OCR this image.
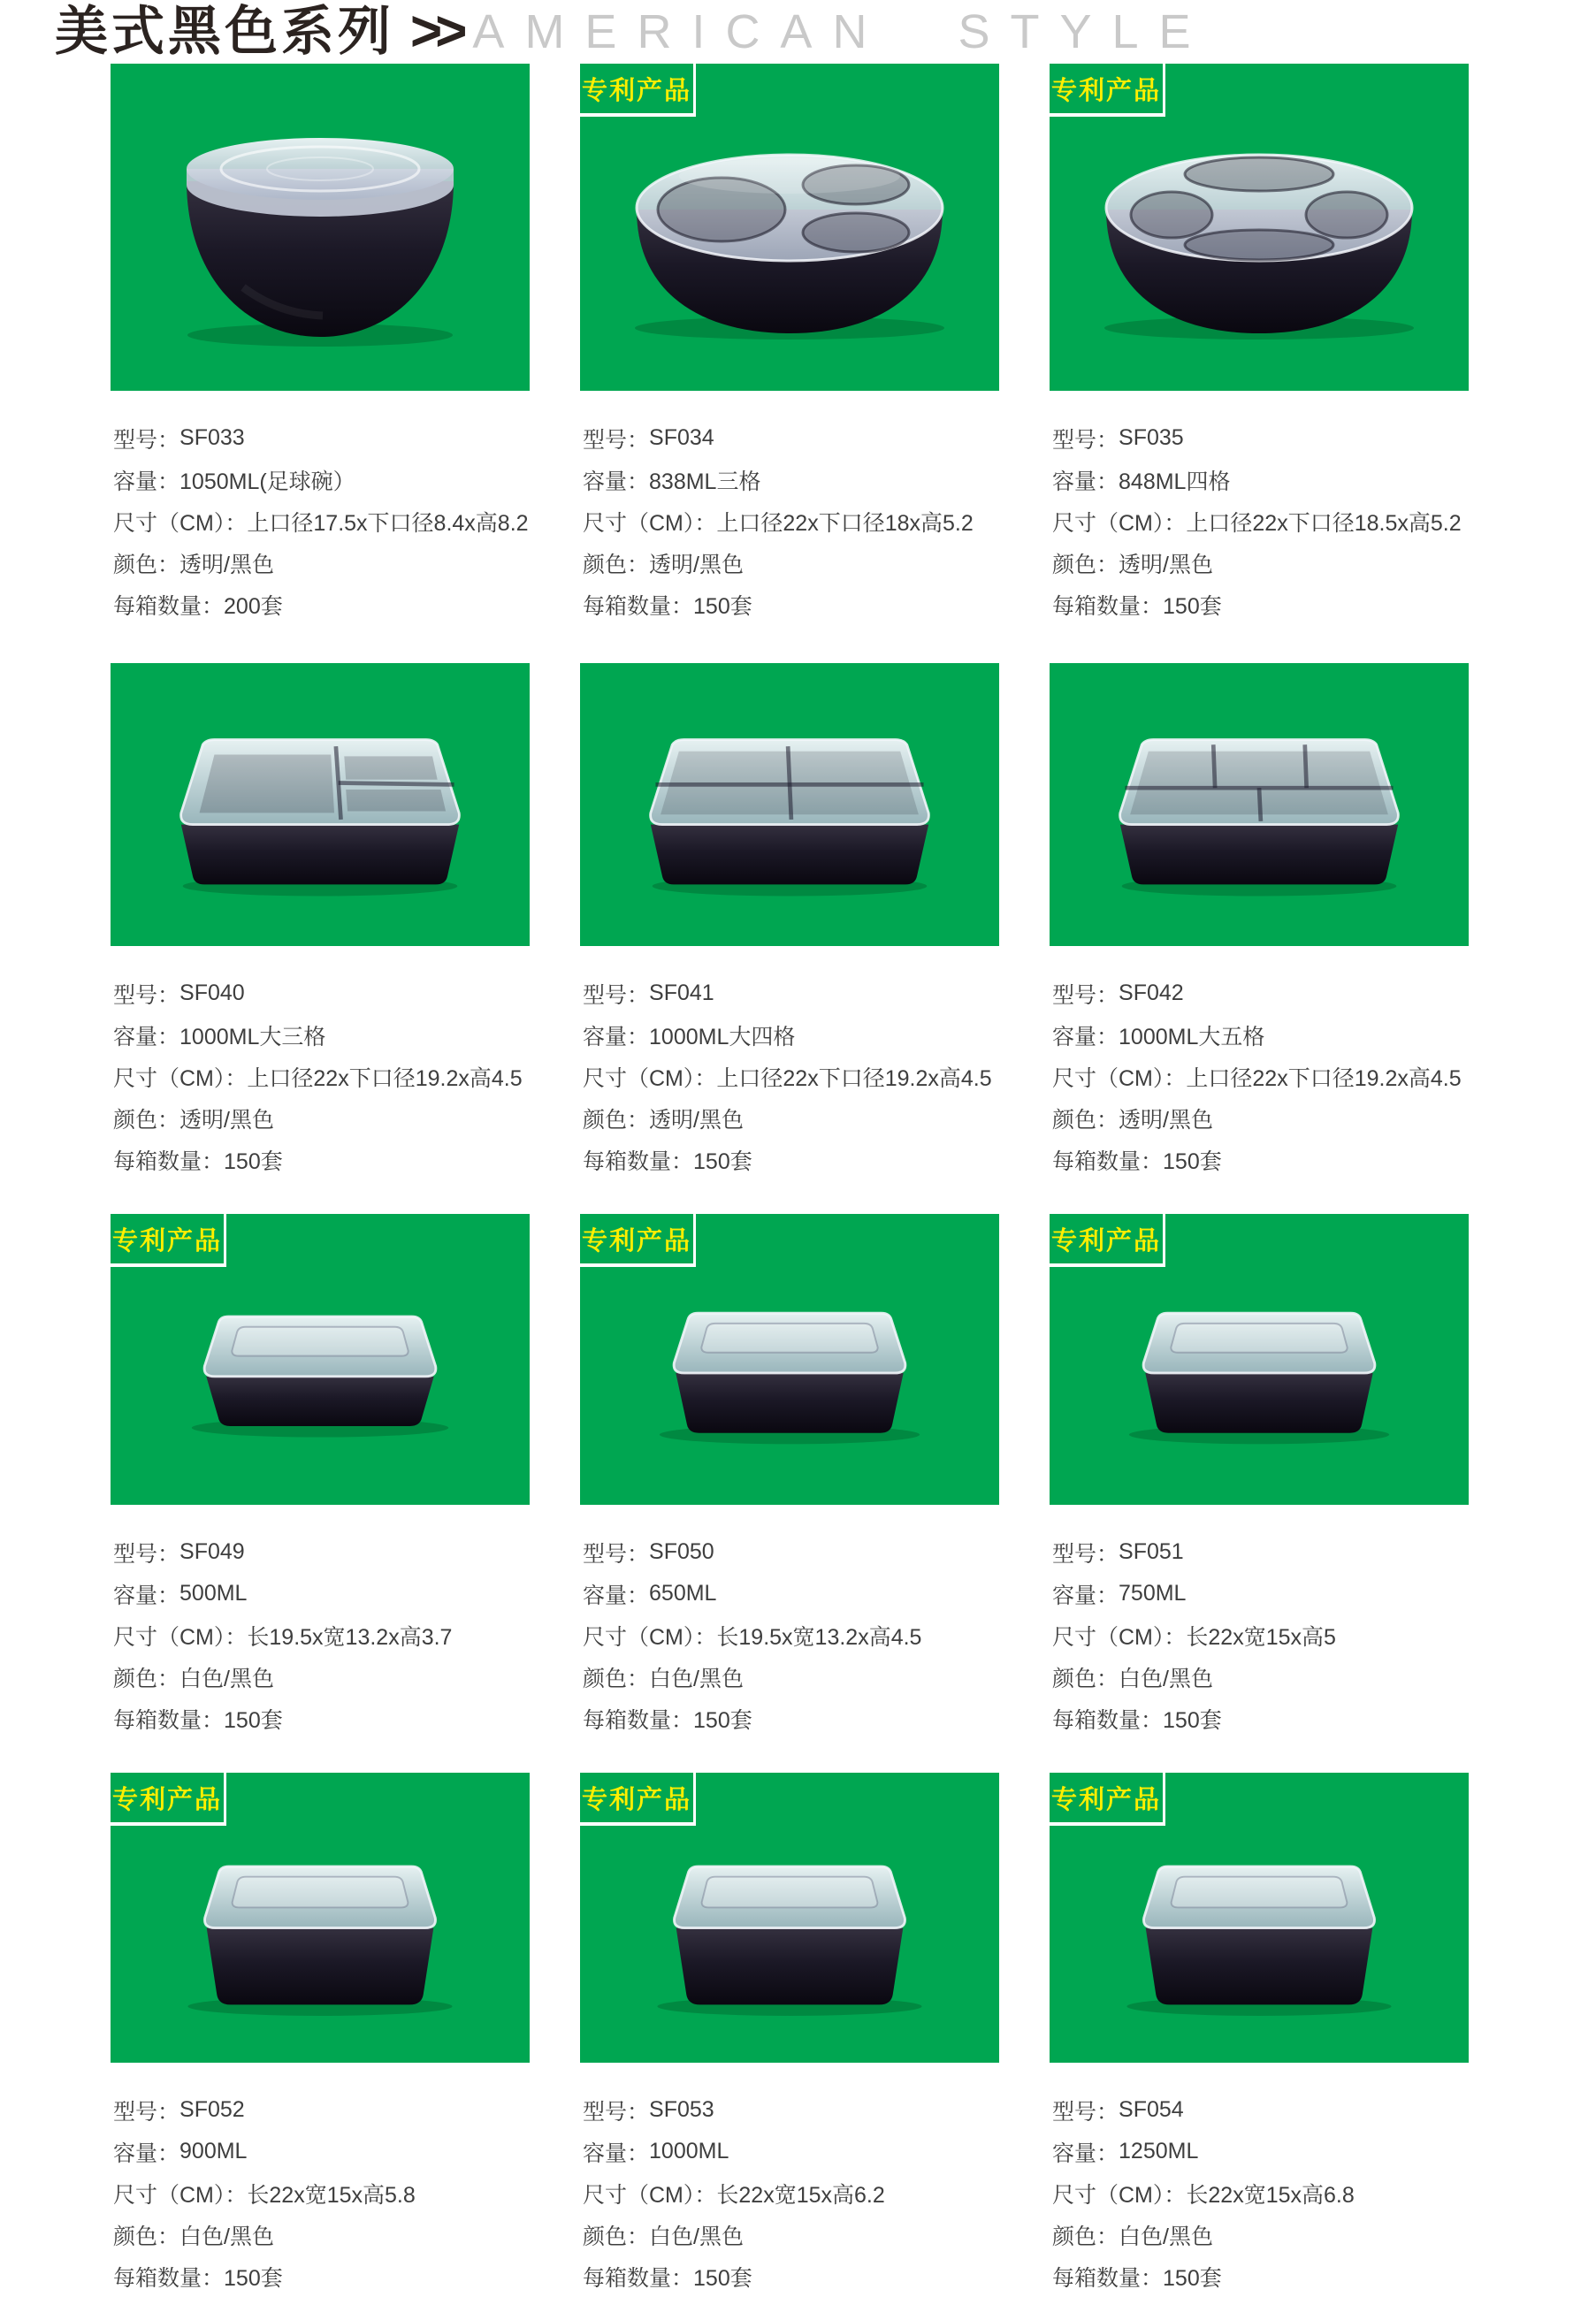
美式黑色系列 >> AMERICAN STYLE
型号： SF033
容量： 1050ML(足球碗）
尺寸（CM）： 上口径17.5x下口径8.4x高8.2
颜色： 透明/黑色
每箱数量： 200套
专利产品
型号： SF034
容量： 838ML三格
尺寸（CM）： 上口径22x下口径18x高5.2
颜色： 透明/黑色
每箱数量： 150套
专利产品
型号： SF035
容量： 848ML四格
尺寸（CM）： 上口径22x下口径18.5x高5.2
颜色： 透明/黑色
每箱数量： 150套
型号： SF040
容量： 1000ML大三格
尺寸（CM）： 上口径22x下口径19.2x高4.5
颜色： 透明/黑色
每箱数量： 150套
型号： SF041
容量： 1000ML大四格
尺寸（CM）： 上口径22x下口径19.2x高4.5
颜色： 透明/黑色
每箱数量： 150套
型号： SF042
容量： 1000ML大五格
尺寸（CM）： 上口径22x下口径19.2x高4.5
颜色： 透明/黑色
每箱数量： 150套
专利产品
型号： SF049
容量： 500ML
尺寸（CM）： 长19.5x宽13.2x高3.7
颜色： 白色/黑色
每箱数量： 150套
专利产品
型号： SF050
容量： 650ML
尺寸（CM）： 长19.5x宽13.2x高4.5
颜色： 白色/黑色
每箱数量： 150套
专利产品
型号： SF051
容量： 750ML
尺寸（CM）： 长22x宽15x高5
颜色： 白色/黑色
每箱数量： 150套
专利产品
型号： SF052
容量： 900ML
尺寸（CM）： 长22x宽15x高5.8
颜色： 白色/黑色
每箱数量： 150套
专利产品
型号： SF053
容量： 1000ML
尺寸（CM）： 长22x宽15x高6.2
颜色： 白色/黑色
每箱数量： 150套
专利产品
型号： SF054
容量： 1250ML
尺寸（CM）： 长22x宽15x高6.8
颜色： 白色/黑色
每箱数量： 150套
